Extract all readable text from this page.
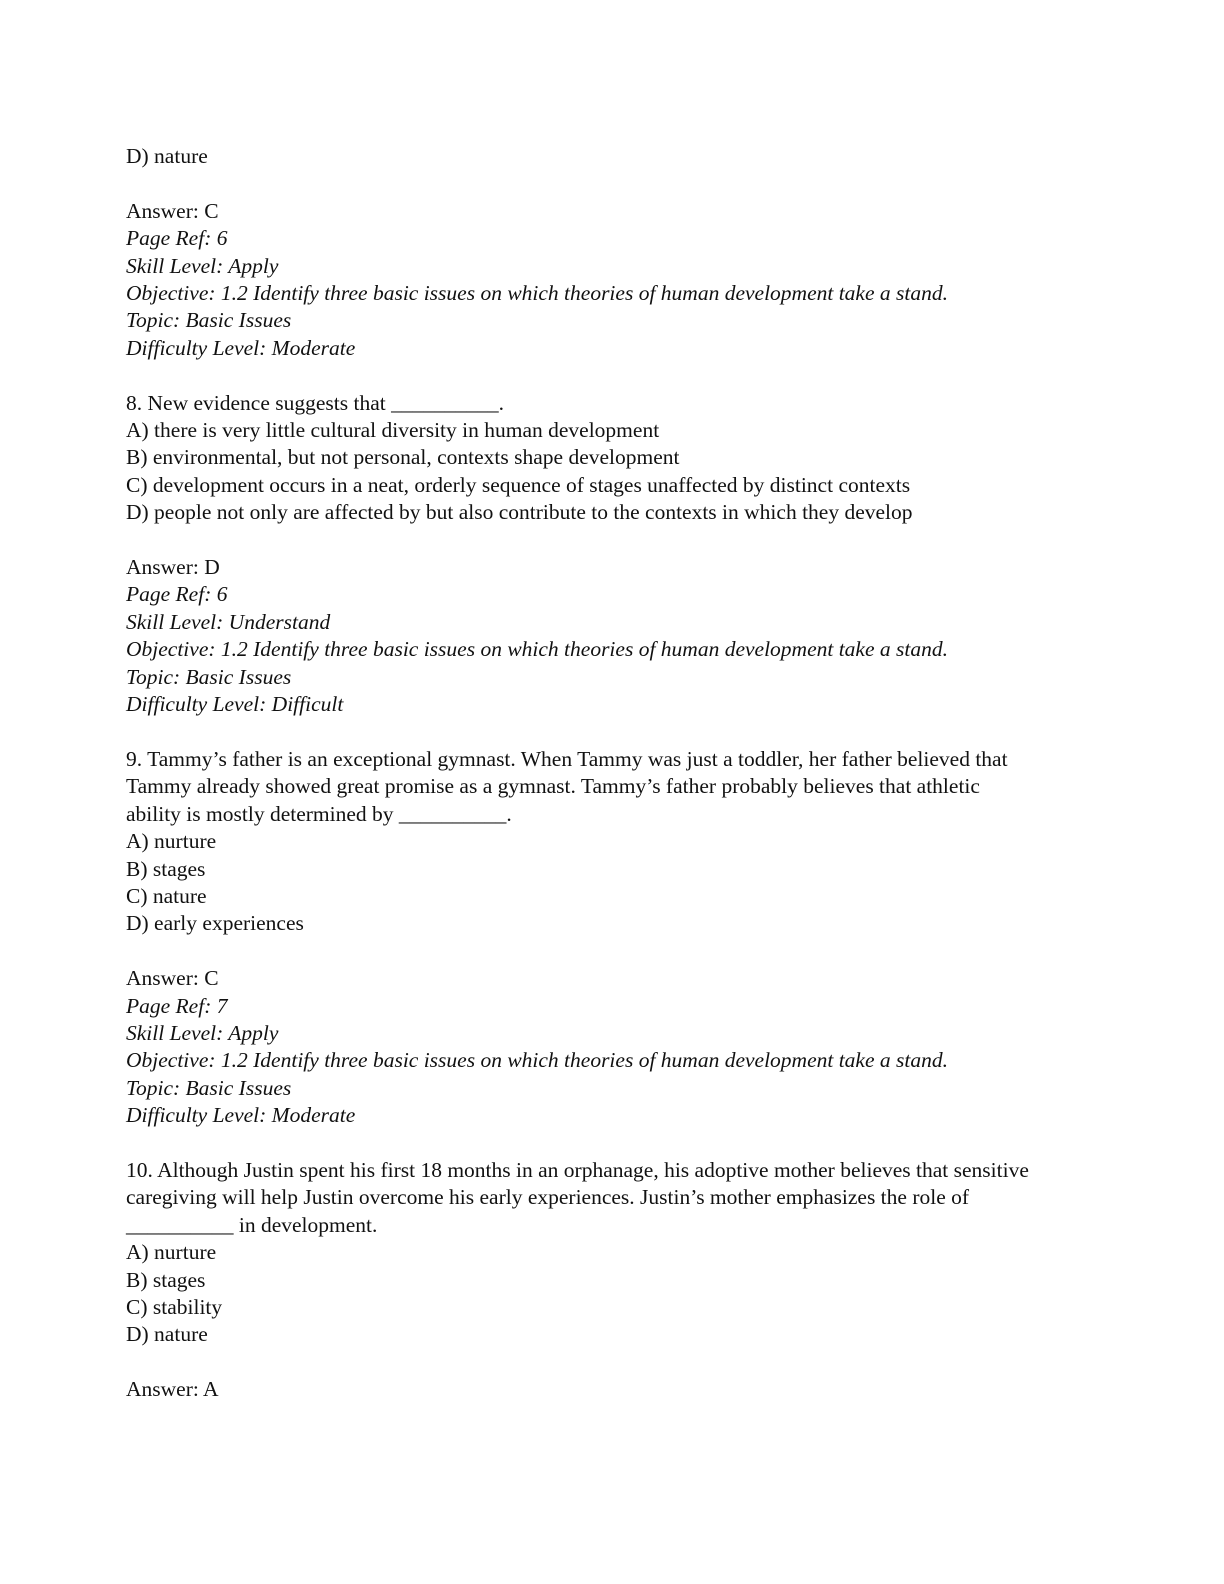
D) nature
Answer: C
Page Ref: 6
Skill Level: Apply
Objective: 1.2 Identify three basic issues on which theories of human development take a stand.
Topic: Basic Issues
Difficulty Level: Moderate
8. New evidence suggests that __________.
A) there is very little cultural diversity in human development
B) environmental, but not personal, contexts shape development
C) development occurs in a neat, orderly sequence of stages unaffected by distinct contexts
D) people not only are affected by but also contribute to the contexts in which they develop
Answer: D
Page Ref: 6
Skill Level: Understand
Objective: 1.2 Identify three basic issues on which theories of human development take a stand.
Topic: Basic Issues
Difficulty Level: Difficult
9. Tammy’s father is an exceptional gymnast. When Tammy was just a toddler, her father believed that
Tammy already showed great promise as a gymnast. Tammy’s father probably believes that athletic
ability is mostly determined by __________.
A) nurture
B) stages
C) nature
D) early experiences
Answer: C
Page Ref: 7
Skill Level: Apply
Objective: 1.2 Identify three basic issues on which theories of human development take a stand.
Topic: Basic Issues
Difficulty Level: Moderate
10. Although Justin spent his first 18 months in an orphanage, his adoptive mother believes that sensitive
caregiving will help Justin overcome his early experiences. Justin’s mother emphasizes the role of
__________ in development.
A) nurture
B) stages
C) stability
D) nature
Answer: A
